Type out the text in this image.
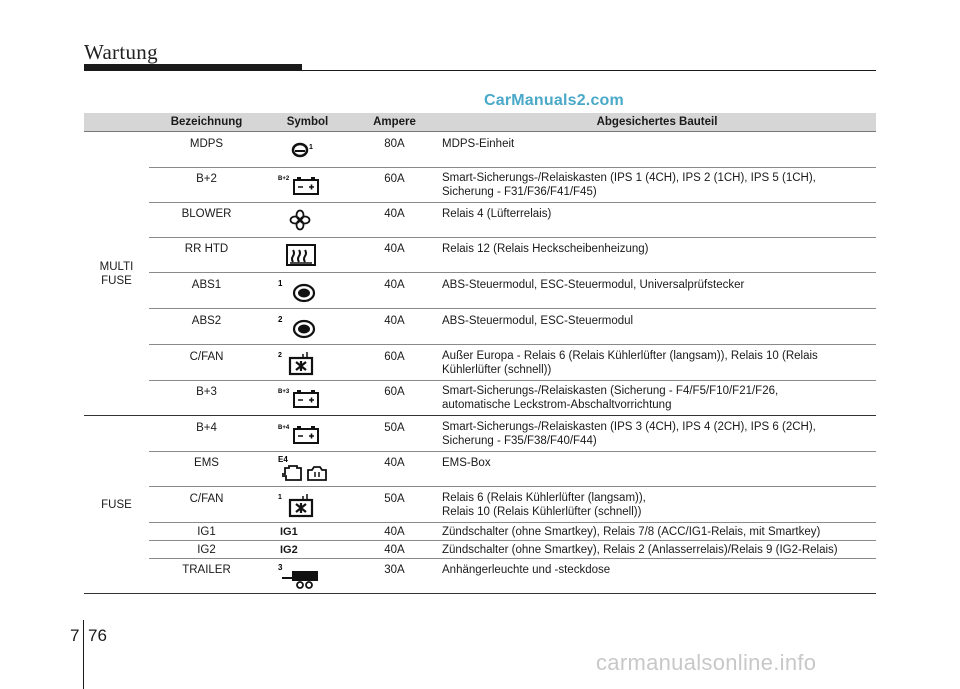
Wartung
CarManuals2.com
	Bezeichnung	Symbol	Ampere	Abgesichertes Bauteil
MULTI
FUSE	MDPS	1	80A	MDPS-Einheit
	B+2	B+2	60A	Smart-Sicherungs-/Relaiskasten (IPS 1 (4CH), IPS 2 (1CH), IPS 5 (1CH),
Sicherung - F31/F36/F41/F45)
	BLOWER		40A	Relais 4 (Lüfterrelais)
	RR HTD		40A	Relais 12 (Relais Heckscheibenheizung)
	ABS1	1	40A	ABS-Steuermodul, ESC-Steuermodul, Universalprüfstecker
	ABS2	2	40A	ABS-Steuermodul, ESC-Steuermodul
	C/FAN	2	60A	Außer Europa - Relais 6 (Relais Kühlerlüfter (langsam)), Relais 10 (Relais
Kühlerlüfter (schnell))
	B+3	B+3	60A	Smart-Sicherungs-/Relaiskasten (Sicherung - F4/F5/F10/F21/F26,
automatische Leckstrom-Abschaltvorrichtung
FUSE	B+4	B+4	50A	Smart-Sicherungs-/Relaiskasten (IPS 3 (4CH), IPS 4 (2CH), IPS 6 (2CH),
Sicherung - F35/F38/F40/F44)
	EMS	E4	40A	EMS-Box
	C/FAN	1	50A	Relais 6 (Relais Kühlerlüfter (langsam)),
Relais 10 (Relais Kühlerlüfter (schnell))
	IG1	IG1	40A	Zündschalter (ohne Smartkey), Relais 7/8 (ACC/IG1-Relais, mit Smartkey)
	IG2	IG2	40A	Zündschalter (ohne Smartkey), Relais 2 (Anlasserrelais)/Relais 9 (IG2-Relais)
	TRAILER	3	30A	Anhängerleuchte und -steckdose
7 76
carmanualsonline.info
